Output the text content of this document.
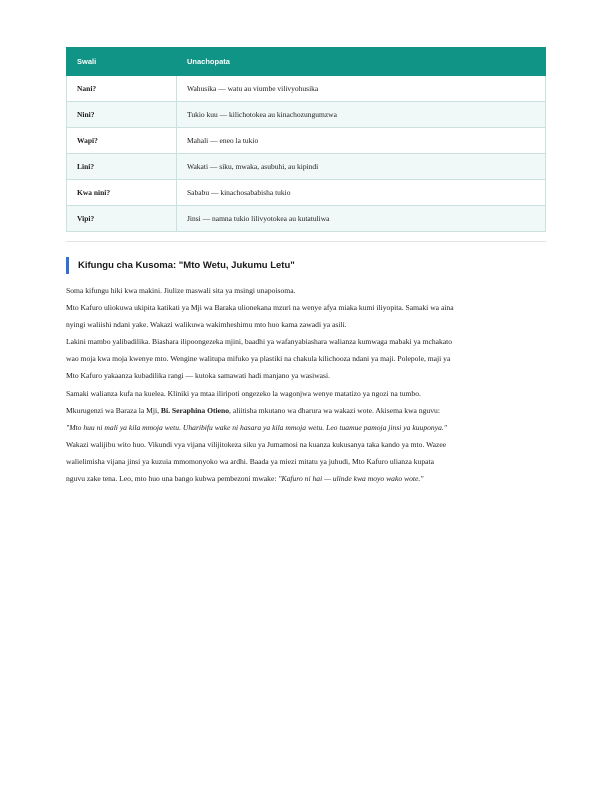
Swali	Unachopata
Nani?	Wahusika — watu au viumbe vilivyohusika
Nini?	Tukio kuu — kilichotokea au kinachozungumzwa
Wapi?	Mahali — eneo la tukio
Lini?	Wakati — siku, mwaka, asubuhi, au kipindi
Kwa nini?	Sababu — kinachosababisha tukio
Vipi?	Jinsi — namna tukio lilivyotokea au kutatuliwa
Kifungu cha Kusoma: "Mto Wetu, Jukumu Letu"

Soma kifungu hiki kwa makini. Jiulize maswali sita ya msingi unapoisoma.

Mto Kafuro uliokuwa ukipita katikati ya Mji wa Baraka ulionekana mzuri na wenye afya miaka kumi iliyopita. Samaki wa aina

nyingi waliishi ndani yake. Wakazi walikuwa wakimheshimu mto huo kama zawadi ya asili.

Lakini mambo yalibadilika. Biashara ilipoongezeka mjini, baadhi ya wafanyabiashara walianza kumwaga mabaki ya mchakato

wao moja kwa moja kwenye mto. Wengine walitupa mifuko ya plastiki na chakula kilichooza ndani ya maji. Polepole, maji ya

Mto Kafuro yakaanza kubadilika rangi — kutoka samawati hadi manjano ya wasiwasi.

Samaki walianza kufa na kuelea. Kliniki ya mtaa iliripoti ongezeko la wagonjwa wenye matatizo ya ngozi na tumbo.

Mkurugenzi wa Baraza la Mji, Bi. Seraphina Otieno, aliitisha mkutano wa dharura wa wakazi wote. Akisema kwa nguvu:

"Mto huu ni mali ya kila mmoja wetu. Uharibifu wake ni hasara ya kila mmoja wetu. Leo tuamue pamoja jinsi ya kuuponya."

Wakazi walijibu wito huo. Vikundi vya vijana vilijitokeza siku ya Jumamosi na kuanza kukusanya taka kando ya mto. Wazee

walielimisha vijana jinsi ya kuzuia mmomonyoko wa ardhi. Baada ya miezi mitatu ya juhudi, Mto Kafuro ulianza kupata

nguvu zake tena. Leo, mto huo una bango kubwa pembezoni mwake: "Kafuro ni hai — ulinde kwa moyo wako wote."
